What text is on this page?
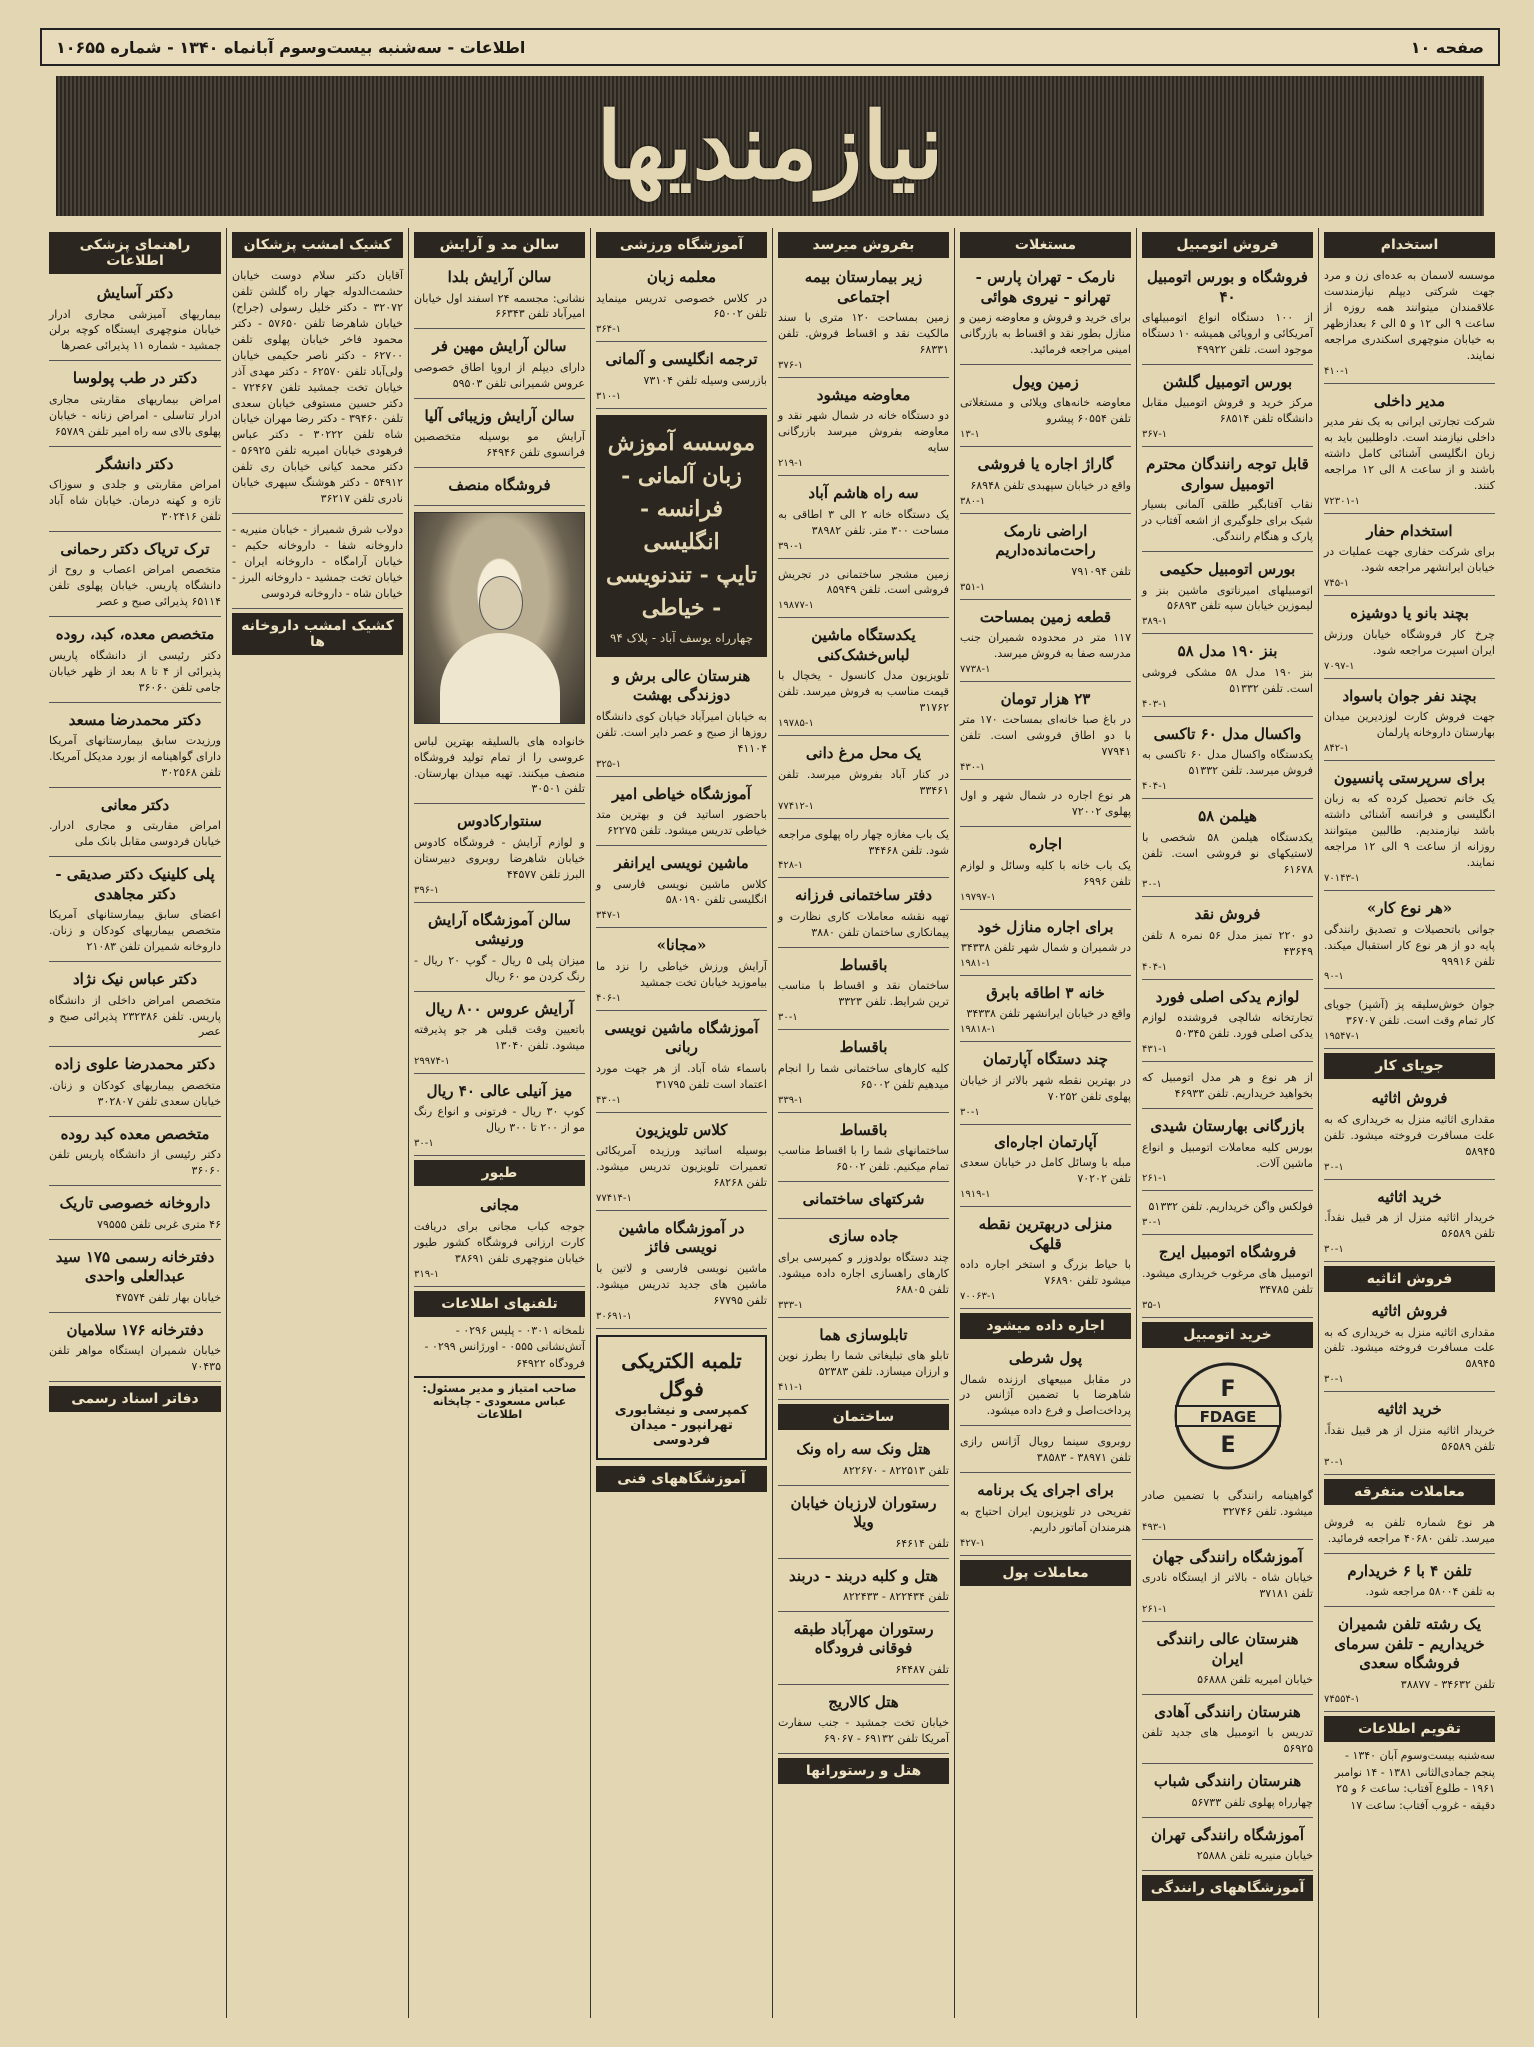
صفحه ۱۰
اطلاعات - سه‌شنبه بیست‌وسوم آبانماه ۱۳۴۰ - شماره ۱۰۶۵۵
نیازمندیها
استخدام

موسسه لاسمان به عده‌ای زن و مرد جهت شرکتی دیپلم نیازمندست علاقمندان میتوانند همه روزه از ساعت ۹ الی ۱۲ و ۵ الی ۶ بعدازظهر به خیابان منوچهری اسکندری مراجعه نمایند.

۴۱۰-۱
مدیر داخلی

شرکت تجارتی ایرانی به یک نفر مدیر داخلی نیازمند است. داوطلبین باید به زبان انگلیسی آشنائی کامل داشته باشند و از ساعت ۸ الی ۱۲ مراجعه کنند.

۷۲۳۰۱-۱
استخدام حفار

برای شرکت حفاری جهت عملیات در خیابان ایرانشهر مراجعه شود.

۷۴۵-۱
بچند بانو یا دوشیزه

چرخ کار فروشگاه خیابان ورزش ایران اسپرت مراجعه شود.

۷۰۹۷-۱
بچند نفر جوان باسواد

جهت فروش کارت لوزدیرین میدان بهارستان داروخانه پارلمان

۸۴۲-۱
برای سرپرستی پانسیون

یک خانم تحصیل کرده که به زبان انگلیسی و فرانسه آشنائی داشته باشد نیازمندیم. طالبین میتوانند روزانه از ساعت ۹ الی ۱۲ مراجعه نمایند.

۷۰۱۴۳-۱
«هر نوع کار»

جوانی باتحصیلات و تصدیق رانندگی پایه دو از هر نوع کار استقبال میکند. تلفن ۹۹۹۱۶

۹۰-۱

جوان خوش‌سلیقه پز (آشپز) جویای کار تمام وقت است. تلفن ۳۶۷۰۷

۱۹۵۴۷-۱
جویای کار
فروش اثاثیه

مقداری اثاثیه منزل به خریداری که به علت مسافرت فروخته میشود. تلفن ۵۸۹۴۵

۳۰-۱
خرید اثاثیه

خریدار اثاثیه منزل از هر قبیل نقداً. تلفن ۵۶۵۸۹

۳۰-۱
فروش اثاثیه
فروش اثاثیه

مقداری اثاثیه منزل به خریداری که به علت مسافرت فروخته میشود. تلفن ۵۸۹۴۵

۳۰-۱
خرید اثاثیه

خریدار اثاثیه منزل از هر قبیل نقداً. تلفن ۵۶۵۸۹

۳۰-۱
معاملات متفرقه

هر نوع شماره تلفن به فروش میرسد. تلفن ۴۰۶۸۰ مراجعه فرمائید.

تلفن ۴ با ۶ خریدارم

به تلفن ۵۸۰۰۴ مراجعه شود.

یک رشته تلفن شمیران خریداریم - تلفن سرمای فروشگاه سعدی

تلفن ۳۴۶۳۲ - ۳۸۸۷۷

۷۴۵۵۴-۱
تقویم اطلاعات

سه‌شنبه بیست‌وسوم آبان ۱۳۴۰ - پنجم جمادی‌الثانی ۱۳۸۱ - ۱۴ نوامبر ۱۹۶۱ - طلوع آفتاب: ساعت ۶ و ۲۵ دقیقه - غروب آفتاب: ساعت ۱۷

فروش اتومبیل
فروشگاه و بورس اتومبیل ۴۰

از ۱۰۰ دستگاه انواع اتومبیلهای آمریکائی و اروپائی همیشه ۱۰ دستگاه موجود است. تلفن ۴۹۹۲۲

بورس اتومبیل گلشن

مرکز خرید و فروش اتومبیل مقابل دانشگاه تلفن ۶۸۵۱۴

۳۶۷-۱
قابل توجه رانندگان محترم اتومبیل سواری

نقاب آفتابگیر طلقی آلمانی بسیار شیک برای جلوگیری از اشعه آفتاب در پارک و هنگام رانندگی.

بورس اتومبیل حکیمی

اتومبیلهای امیرناتوی ماشین بنز و لیموزین خیابان سپه تلفن ۵۶۸۹۳

۳۸۹-۱
بنز ۱۹۰ مدل ۵۸

بنز ۱۹۰ مدل ۵۸ مشکی فروشی است. تلفن ۵۱۳۳۲

۴۰۳-۱
واکسال مدل ۶۰ تاکسی

یکدستگاه واکسال مدل ۶۰ تاکسی به فروش میرسد. تلفن ۵۱۳۳۲

۴۰۴-۱
هیلمن ۵۸

یکدستگاه هیلمن ۵۸ شخصی با لاستیکهای نو فروشی است. تلفن ۶۱۶۷۸

۳۰-۱
فروش نقد

دو ۲۲۰ تمیز مدل ۵۶ نمره ۸ تلفن ۴۳۶۴۹

۴۰۴-۱
لوازم یدکی اصلی فورد

تجارتخانه شالچی فروشنده لوازم یدکی اصلی فورد. تلفن ۵۰۳۴۵

۴۳۱-۱

از هر نوع و هر مدل اتومبیل که بخواهید خریداریم. تلفن ۴۶۹۳۳

بازرگانی بهارستان شیدی

بورس کلیه معاملات اتومبیل و انواع ماشین آلات.

۲۶۱-۱

فولکس واگن خریداریم. تلفن ۵۱۳۳۲

۳۰-۱
فروشگاه اتومبیل ایرج

اتومبیل های مرغوب خریداری میشود. تلفن ۳۴۷۸۵

۳۵-۱
خرید اتومبیل
FDAGE
F
E

گواهینامه رانندگی با تضمین صادر میشود. تلفن ۳۲۷۴۶

۴۹۳-۱
آموزشگاه رانندگی جهان

خیابان شاه - بالاتر از ایستگاه نادری تلفن ۳۷۱۸۱

۲۶۱-۱
هنرستان عالی رانندگی ایران

خیابان امیریه تلفن ۵۶۸۸۸

هنرستان رانندگی آهادی

تدریس با اتومبیل های جدید تلفن ۵۶۹۲۵

هنرستان رانندگی شباب

چهارراه پهلوی تلفن ۵۶۷۳۳

آموزشگاه رانندگی تهران

خیابان منیریه تلفن ۲۵۸۸۸

آموزشگاههای رانندگی
مستغلات
نارمک - تهران پارس - تهرانو - نیروی هوائی

برای خرید و فروش و معاوضه زمین و منازل بطور نقد و اقساط به بازرگانی امینی مراجعه فرمائید.

زمین ویول

معاوضه خانه‌های ویلائی و مستغلاتی تلفن ۶۰۵۵۴ پیشرو

۱۳-۱
گاراژ اجاره یا فروشی

واقع در خیابان سپهبدی تلفن ۶۸۹۴۸

۳۸۰-۱
اراضی نارمک راحت‌مانده‌داریم

تلفن ۷۹۱۰۹۴

۳۵۱-۱
قطعه زمین بمساحت

۱۱۷ متر در محدوده شمیران جنب مدرسه صفا به فروش میرسد.

۷۷۳۸-۱
۲۳ هزار تومان

در باغ صبا خانه‌ای بمساحت ۱۷۰ متر با دو اطاق فروشی است. تلفن ۷۷۹۴۱

۴۳۰-۱

هر نوع اجاره در شمال شهر و اول پهلوی ۷۲۰۰۲

اجاره

یک باب خانه با کلیه وسائل و لوازم تلفن ۶۹۹۶

۱۹۷۹۷-۱
برای اجاره منازل خود

در شمیران و شمال شهر تلفن ۳۴۳۳۸

۱۹۸۱-۱
خانه ۳ اطاقه بابرق

واقع در خیابان ایرانشهر تلفن ۳۴۳۳۸

۱۹۸۱۸-۱
چند دستگاه آپارتمان

در بهترین نقطه شهر بالاتر از خیابان پهلوی تلفن ۷۰۲۵۲

۳۰-۱
آپارتمان اجاره‌ای

مبله با وسائل کامل در خیابان سعدی تلفن ۷۰۲۰۲

۱۹۱۹-۱
منزلی دربهترین نقطه قلهک

با حیاط بزرگ و استخر اجاره داده میشود تلفن ۷۶۸۹۰

۷۰۰۶۳-۱
اجاره داده میشود
پول شرطی

در مقابل مبیعهای ارزنده شمال شاهرضا با تضمین آژانس در پرداخت‌اصل و فرع داده میشود.

روبروی سینما رویال آژانس رازی تلفن ۳۸۹۷۱ - ۳۸۵۸۳

برای اجرای یک برنامه

تفریحی در تلویزیون ایران احتیاج به هنرمندان آماتور داریم.

۴۲۷-۱
معاملات پول
بفروش میرسد
زیر بیمارستان بیمه اجتماعی

زمین بمساحت ۱۲۰ متری با سند مالکیت نقد و اقساط فروش. تلفن ۶۸۳۳۱

۳۷۶-۱
معاوضه میشود

دو دستگاه خانه در شمال شهر نقد و معاوضه بفروش میرسد بازرگانی سایه

۲۱۹-۱
سه راه هاشم آباد

یک دستگاه خانه ۲ الی ۳ اطاقی به مساحت ۳۰۰ متر. تلفن ۳۸۹۸۲

۳۹۰-۱

زمین مشجر ساختمانی در تجریش فروشی است. تلفن ۸۵۹۴۹

۱۹۸۷۷-۱
یکدستگاه ماشین لباس‌خشک‌کنی

تلویزیون مدل کانسول - یخچال با قیمت مناسب به فروش میرسد. تلفن ۳۱۷۶۲

۱۹۷۸۵-۱
یک محل مرغ دانی

در کنار آباد بفروش میرسد. تلفن ۳۳۴۶۱

۷۷۴۱۲-۱

یک باب مغازه چهار راه پهلوی مراجعه شود. تلفن ۳۴۴۶۸

۴۲۸-۱
دفتر ساختمانی فرزانه

تهیه نقشه معاملات کاری نظارت و پیمانکاری ساختمان تلفن ۳۸۸۰

باقساط

ساختمان نقد و اقساط با مناسب ترین شرایط. تلفن ۳۳۲۳

۳۰-۱
باقساط

کلیه کارهای ساختمانی شما را انجام میدهیم تلفن ۶۵۰۰۲

۳۳۹-۱
باقساط

ساختمانهای شما را با اقساط مناسب تمام میکنیم. تلفن ۶۵۰۰۲

شرکتهای ساختمانی
جاده سازی

چند دستگاه بولدوزر و کمپرسی برای کارهای راهسازی اجاره داده میشود. تلفن ۶۸۸۰۵

۳۳۳-۱
تابلوسازی هما

تابلو های تبلیغاتی شما را بطرز نوین و ارزان میسازد. تلفن ۵۲۳۸۳

۴۱۱-۱
ساختمان
هتل ونک سه راه ونک

تلفن ۸۲۲۵۱۳ - ۸۲۲۶۷۰

رستوران لارزبان خیابان ویلا

تلفن ۶۴۶۱۴

هتل و کلبه دربند - دربند

تلفن ۸۲۲۴۳۴ - ۸۲۲۴۳۳

رستوران مهرآباد طبقه فوقانی فرودگاه

تلفن ۶۴۴۸۷

هتل کالاریج

خیابان تخت جمشید - جنب سفارت آمریکا تلفن ۶۹۱۳۲ - ۶۹۰۶۷

هتل و رستورانها
آموزشگاه ورزشی
معلمه زبان

در کلاس خصوصی تدریس مینماید تلفن ۶۵۰۰۲

۳۶۴-۱
ترجمه انگلیسی و آلمانی

بازرسی وسیله تلفن ۷۳۱۰۴

۳۱۰-۱
موسسه آموزش زبان آلمانی - فرانسه - انگلیسی
تایپ - تندنویسی - خیاطی
چهارراه یوسف آباد - پلاک ۹۴
هنرستان عالی برش و دوزندگی بهشت

به خیابان امیرآباد خیابان کوی دانشگاه روزها از صبح و عصر دایر است. تلفن ۴۱۱۰۴

۳۲۵-۱
آموزشگاه خیاطی امیر

باحضور اساتید فن و بهترین متد خیاطی تدریس میشود. تلفن ۶۲۲۷۵

ماشین نویسی ایرانفر

کلاس ماشین نویسی فارسی و انگلیسی تلفن ۵۸۰۱۹۰

۳۴۷-۱
«مجانا»

آرایش ورزش خیاطی را نزد ما بیاموزید خیابان تخت جمشید

۴۰۶-۱
آموزشگاه ماشین نویسی ربانی

باسماء شاه آباد. از هر جهت مورد اعتماد است تلفن ۳۱۷۹۵

۴۳۰-۱
کلاس تلویزیون

بوسیله اساتید ورزیده آمریکائی تعمیرات تلویزیون تدریس میشود. تلفن ۶۸۲۶۸

۷۷۴۱۴-۱
در آموزشگاه ماشین نویسی فائز

ماشین نویسی فارسی و لاتین با ماشین های جدید تدریس میشود. تلفن ۶۷۷۹۵

۳۰۶۹۱-۱
تلمبه الکتریکی فوگل
کمپرسی و نیشابوری
تهرانپور - میدان فردوسی
آموزشگاههای فنی
سالن مد و آرایش
سالن آرایش بلدا

نشانی: مجسمه ۲۴ اسفند اول خیابان امیرآباد تلفن ۶۶۳۴۳

سالن آرایش مهین فر

دارای دیپلم از اروپا اطاق خصوصی عروس شمیرانی تلفن ۵۹۵۰۳

سالن آرایش وزیبائی آلیا

آرایش مو بوسیله متخصصین فرانسوی تلفن ۶۴۹۴۶

فروشگاه منصف

خانواده های بالسلیقه بهترین لباس عروسی را از تمام تولید فروشگاه منصف میکنند. تهیه میدان بهارستان. تلفن ۳۰۵۰۱

سنتوارکادوس

و لوازم آرایش - فروشگاه کادوس خیابان شاهرضا روبروی دبیرستان البرز تلفن ۴۴۵۷۷

۳۹۶-۱
سالن آموزشگاه آرایش ورنیشی

میزان پلی ۵ ریال - گوپ ۲۰ ریال - رنگ کردن مو ۶۰ ریال

آرایش عروس ۸۰۰ ریال

باتعیین وقت قبلی هر جو پذیرفته میشود. تلفن ۱۳۰۴۰

۲۹۹۷۴-۱
میز آنیلی عالی ۴۰ ریال

کوپ ۳۰ ریال - فرتونی و انواع رنگ مو از ۲۰۰ تا ۳۰۰ ریال

۳۰-۱
طیور
مجانی

جوجه کباب مجانی برای دریافت کارت ارزانی فروشگاه کشور طیور خیابان منوچهری تلفن ۳۸۶۹۱

۳۱۹-۱
تلفنهای اطلاعات

نلمخانه ۰۳۰۱ - پلیس ۰۲۹۶ - آتش‌نشانی ۰۵۵۵ - اورژانس ۰۲۹۹ - فرودگاه ۶۴۹۲۲

صاحب امتیاز و مدیر مسئول: عباس مسعودی - چاپخانه اطلاعات
کشیک امشب پزشکان

آقایان دکتر سلام دوست خیابان حشمت‌الدوله جهار راه گلشن تلفن ۳۲۰۷۲ - دکتر خلیل رسولی (جراح) خیابان شاهرضا تلفن ۵۷۶۵۰ - دکتر محمود فاخر خیابان پهلوی تلفن ۶۲۷۰۰ - دکتر ناصر حکیمی خیابان ولی‌آباد تلفن ۶۲۵۷۰ - دکتر مهدی آذر خیابان تخت جمشید تلفن ۷۲۴۶۷ - دکتر حسین مستوفی خیابان سعدی تلفن ۳۹۴۶۰ - دکتر رضا مهران خیابان شاه تلفن ۳۰۲۲۲ - دکتر عباس فرهودی خیابان امیریه تلفن ۵۶۹۲۵ - دکتر محمد کیانی خیابان ری تلفن ۵۴۹۱۲ - دکتر هوشنگ سپهری خیابان نادری تلفن ۳۶۲۱۷

دولاب شرق شمیراز - خیابان منیریه - داروخانه شفا - داروخانه حکیم - خیابان آرامگاه - داروخانه ایران - خیابان تخت جمشید - داروخانه البرز - خیابان شاه - داروخانه فردوسی

کشیک امشب داروخانه ها
راهنمای پزشکی اطلاعات
دکتر آسایش

بیماریهای آمیزشی مجاری ادرار خیابان منوچهری ایستگاه کوچه برلن جمشید - شماره ۱۱ پذیرائی عصرها

دکتر در طب پولوسا

امراض بیماریهای مقاربتی مجاری ادرار تناسلی - امراض زنانه - خیابان پهلوی بالای سه راه امیر تلفن ۶۵۷۸۹

دکتر دانشگر

امراض مقاربتی و جلدی و سوزاک تازه و کهنه درمان. خیابان شاه آباد تلفن ۳۰۲۴۱۶

ترک تریاک دکتر رحمانی

متخصص امراض اعصاب و روح از دانشگاه پاریس. خیابان پهلوی تلفن ۶۵۱۱۴ پذیرائی صبح و عصر

متخصص معده، کبد، روده

دکتر رئیسی از دانشگاه پاریس پذیرائی از ۴ تا ۸ بعد از ظهر خیابان جامی تلفن ۳۶۰۶۰

دکتر محمدرضا مسعد

ورزیدت سابق بیمارستانهای آمریکا دارای گواهینامه از بورد مدیکل آمریکا. تلفن ۳۰۲۵۶۸

دکتر معانی

امراض مقاربتی و مجاری ادرار. خیابان فردوسی مقابل بانک ملی

پلی کلینیک دکتر صدیقی - دکتر مجاهدی

اعضای سابق بیمارستانهای آمریکا متخصص بیماریهای کودکان و زنان. داروخانه شمیران تلفن ۲۱۰۸۳

دکتر عباس نیک نژاد

متخصص امراض داخلی از دانشگاه پاریس. تلفن ۲۳۲۳۸۶ پذیرائی صبح و عصر

دکتر محمدرضا علوی زاده

متخصص بیماریهای کودکان و زنان. خیابان سعدی تلفن ۳۰۲۸۰۷

متخصص معده کبد روده

دکتر رئیسی از دانشگاه پاریس تلفن ۳۶۰۶۰

داروخانه خصوصی تاریک

۴۶ متری غربی تلفن ۷۹۵۵۵

دفترخانه رسمی ۱۷۵ سید عبدالعلی واحدی

خیابان بهار تلفن ۴۷۵۷۴

دفترخانه ۱۷۶ سلامیان

خیابان شمیران ایستگاه مواهر تلفن ۷۰۴۳۵

دفاتر اسناد رسمی
